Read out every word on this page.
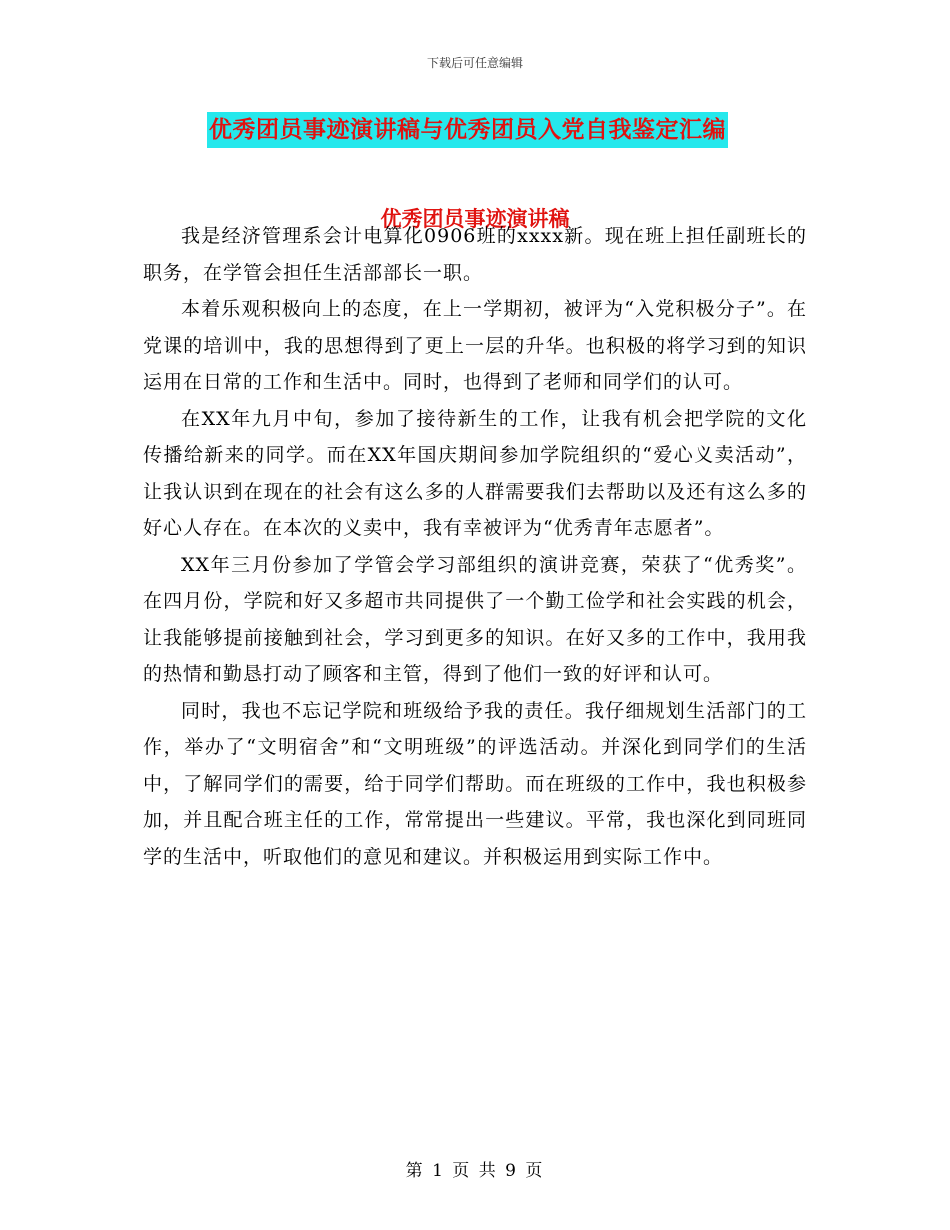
下载后可任意编辑
优秀团员事迹演讲稿与优秀团员入党自我鉴定汇编
优秀团员事迹演讲稿

我是经济管理系会计电算化0906班的xxxx新。现在班上担任副班长的职务，在学管会担任生活部部长一职。

本着乐观积极向上的态度，在上一学期初，被评为“入党积极分子”。在党课的培训中，我的思想得到了更上一层的升华。也积极的将学习到的知识运用在日常的工作和生活中。同时，也得到了老师和同学们的认可。

在XX年九月中旬，参加了接待新生的工作，让我有机会把学院的文化传播给新来的同学。而在XX年国庆期间参加学院组织的“爱心义卖活动”，让我认识到在现在的社会有这么多的人群需要我们去帮助以及还有这么多的好心人存在。在本次的义卖中，我有幸被评为“优秀青年志愿者”。

XX年三月份参加了学管会学习部组织的演讲竞赛，荣获了“优秀奖”。在四月份，学院和好又多超市共同提供了一个勤工俭学和社会实践的机会，让我能够提前接触到社会，学习到更多的知识。在好又多的工作中，我用我的热情和勤恳打动了顾客和主管，得到了他们一致的好评和认可。

同时，我也不忘记学院和班级给予我的责任。我仔细规划生活部门的工作，举办了“文明宿舍”和“文明班级”的评选活动。并深化到同学们的生活中，了解同学们的需要，给于同学们帮助。而在班级的工作中，我也积极参加，并且配合班主任的工作，常常提出一些建议。平常，我也深化到同班同学的生活中，听取他们的意见和建议。并积极运用到实际工作中。

第 1 页 共 9 页
